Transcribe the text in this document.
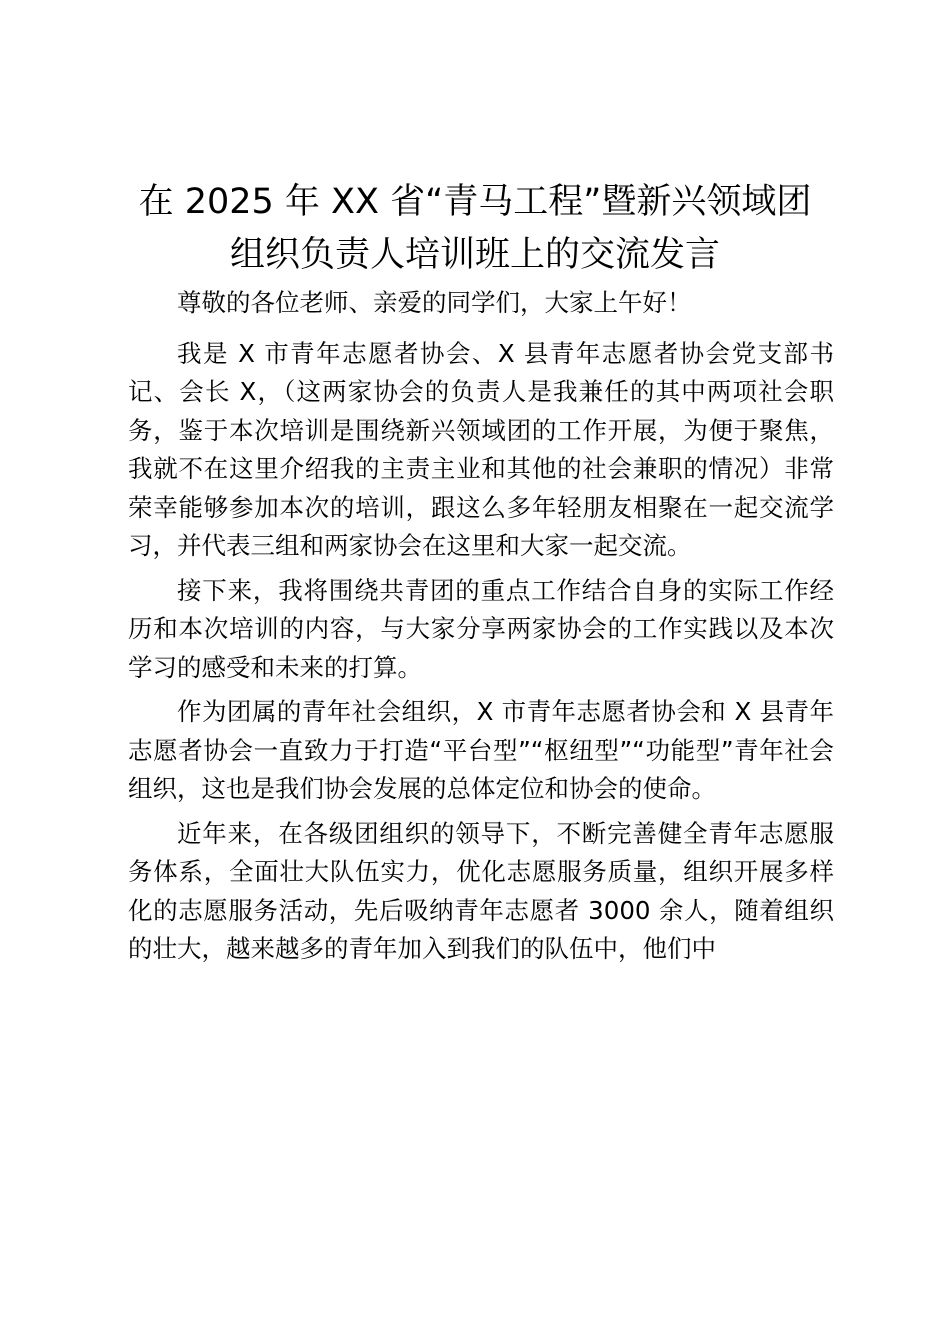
在 2025 年 XX 省“青马工程”暨新兴领域团
组织负责人培训班上的交流发言

尊敬的各位老师、亲爱的同学们，大家上午好！

我是 X 市青年志愿者协会、X 县青年志愿者协会党支部书记、会长 X，（这两家协会的负责人是我兼任的其中两项社会职务，鉴于本次培训是围绕新兴领域团的工作开展，为便于聚焦，我就不在这里介绍我的主责主业和其他的社会兼职的情况）非常荣幸能够参加本次的培训，跟这么多年轻朋友相聚在一起交流学习，并代表三组和两家协会在这里和大家一起交流。

接下来，我将围绕共青团的重点工作结合自身的实际工作经历和本次培训的内容，与大家分享两家协会的工作实践以及本次学习的感受和未来的打算。

作为团属的青年社会组织，X 市青年志愿者协会和 X 县青年志愿者协会一直致力于打造“平台型”“枢纽型”“功能型”青年社会组织，这也是我们协会发展的总体定位和协会的使命。

近年来，在各级团组织的领导下，不断完善健全青年志愿服务体系，全面壮大队伍实力，优化志愿服务质量，组织开展多样化的志愿服务活动，先后吸纳青年志愿者 3000 余人，随着组织的壮大，越来越多的青年加入到我们的队伍中，他们中
